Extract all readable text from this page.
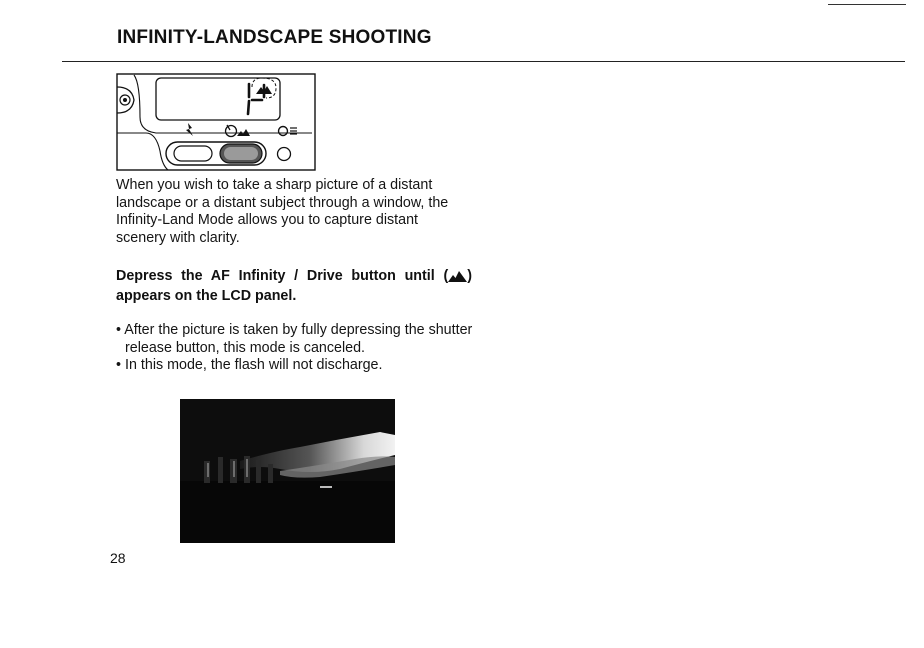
INFINITY-LANDSCAPE SHOOTING

When you wish to take a sharp picture of a distant landscape or a distant subject through a window, the Infinity-Land Mode allows you to capture distant scenery with clarity.

Depress the AF Infinity / Drive button until ( ) appears on the LCD panel.

• After the picture is taken by fully depressing the shutter release button, this mode is canceled.
• In this mode, the flash will not discharge.

28
